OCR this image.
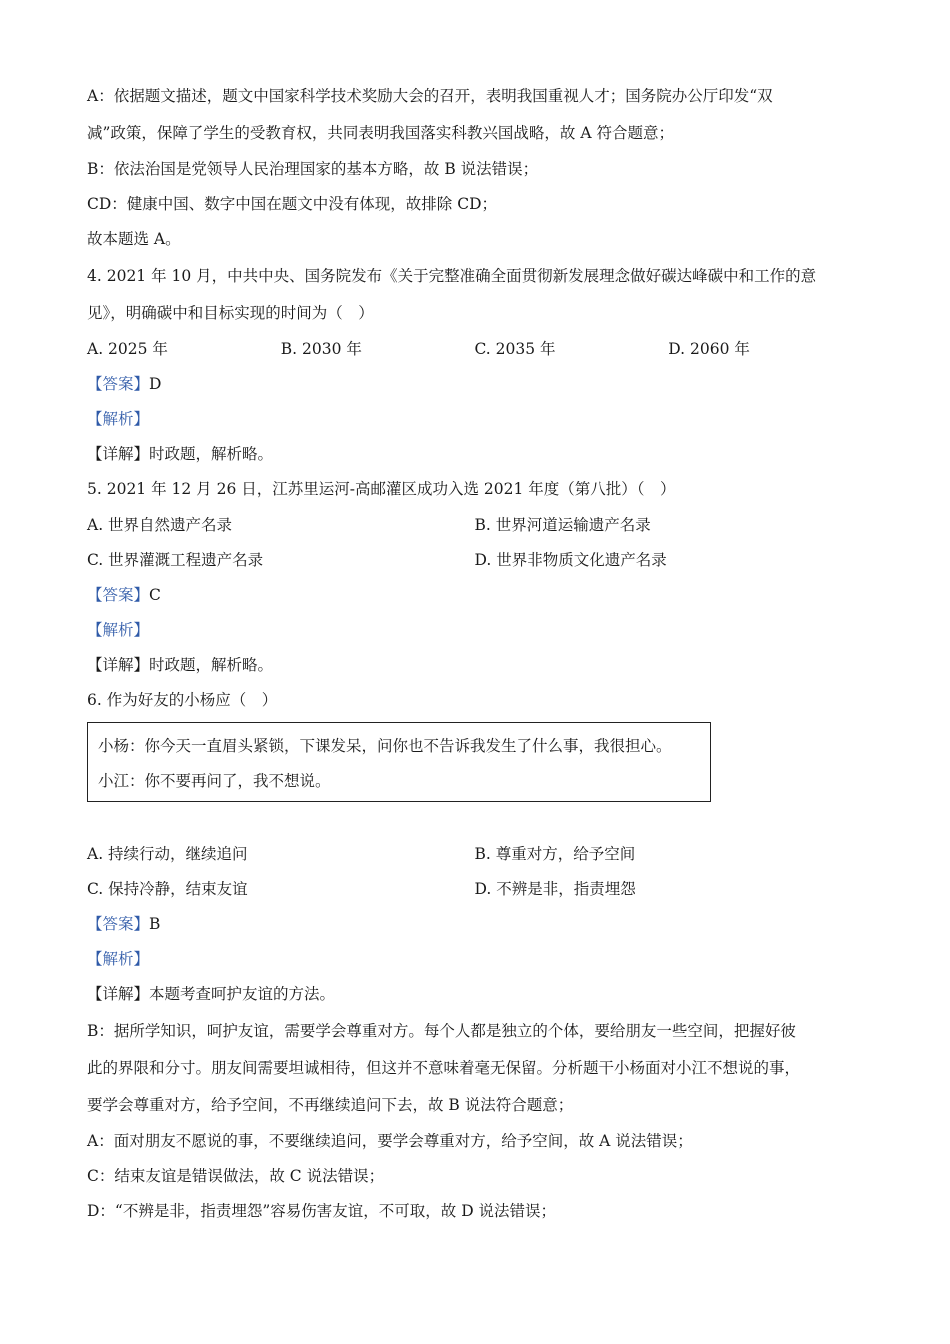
A：依据题文描述，题文中国家科学技术奖励大会的召开，表明我国重视人才；国务院办公厅印发“双
减”政策，保障了学生的受教育权，共同表明我国落实科教兴国战略，故 A 符合题意；
B：依法治国是党领导人民治理国家的基本方略，故 B 说法错误；
CD：健康中国、数字中国在题文中没有体现，故排除 CD；
故本题选 A。
4. 2021 年 10 月，中共中央、国务院发布《关于完整准确全面贯彻新发展理念做好碳达峰碳中和工作的意
见》，明确碳中和目标实现的时间为（　）
A. 2025 年	B. 2030 年	C. 2035 年	D. 2060 年
【答案】D
【解析】
【详解】时政题，解析略。
5. 2021 年 12 月 26 日，江苏里运河-高邮灌区成功入选 2021 年度（第八批）（　）
A. 世界自然遗产名录	B. 世界河道运输遗产名录
C. 世界灌溉工程遗产名录	D. 世界非物质文化遗产名录
【答案】C
【解析】
【详解】时政题，解析略。
6. 作为好友的小杨应（　）
小杨：你今天一直眉头紧锁，下课发呆，问你也不告诉我发生了什么事，我很担心。
小江：你不要再问了，我不想说。
A. 持续行动，继续追问	B. 尊重对方，给予空间
C. 保持冷静，结束友谊	D. 不辨是非，指责埋怨
【答案】B
【解析】
【详解】本题考查呵护友谊的方法。
B：据所学知识，呵护友谊，需要学会尊重对方。每个人都是独立的个体，要给朋友一些空间，把握好彼
此的界限和分寸。朋友间需要坦诚相待，但这并不意味着毫无保留。分析题干小杨面对小江不想说的事，
要学会尊重对方，给予空间，不再继续追问下去，故 B 说法符合题意；
A：面对朋友不愿说的事，不要继续追问，要学会尊重对方，给予空间，故 A 说法错误；
C：结束友谊是错误做法，故 C 说法错误；
D：“不辨是非，指责埋怨”容易伤害友谊，不可取，故 D 说法错误；
